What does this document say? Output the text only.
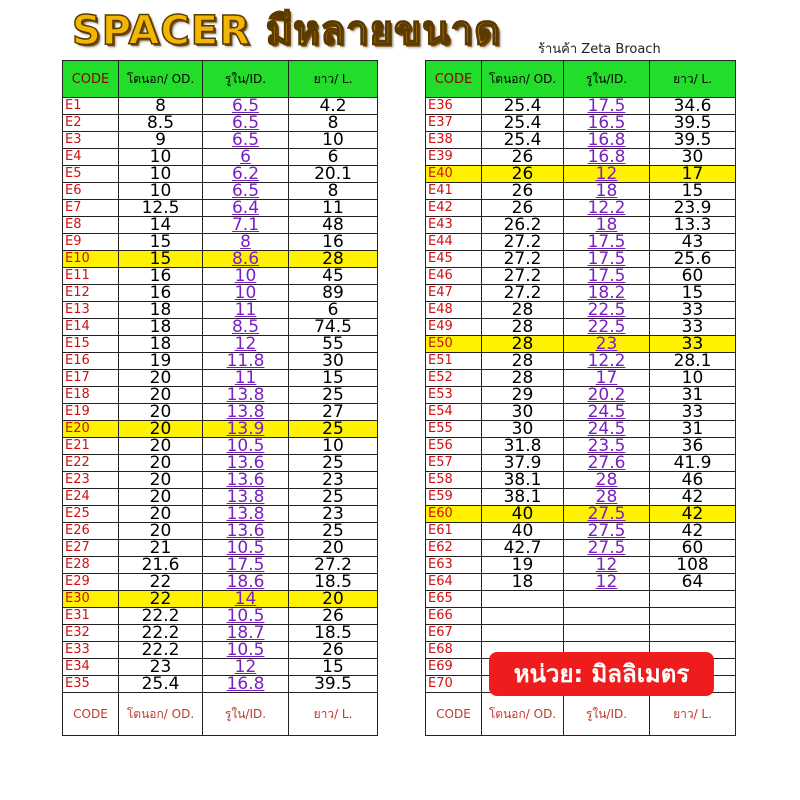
SPACER มีหลายขนาด	ร้านค้า Zeta Broach
CODE	โตนอก/ OD.	รูใน/ID.	ยาว/ L.
E1	8	6.5	4.2
E2	8.5	6.5	8
E3	9	6.5	10
E4	10	6	6
E5	10	6.2	20.1
E6	10	6.5	8
E7	12.5	6.4	11
E8	14	7.1	48
E9	15	8	16
E10	15	8.6	28
E11	16	10	45
E12	16	10	89
E13	18	11	6
E14	18	8.5	74.5
E15	18	12	55
E16	19	11.8	30
E17	20	11	15
E18	20	13.8	25
E19	20	13.8	27
E20	20	13.9	25
E21	20	10.5	10
E22	20	13.6	25
E23	20	13.6	23
E24	20	13.8	25
E25	20	13.8	23
E26	20	13.6	25
E27	21	10.5	20
E28	21.6	17.5	27.2
E29	22	18.6	18.5
E30	22	14	20
E31	22.2	10.5	26
E32	22.2	18.7	18.5
E33	22.2	10.5	26
E34	23	12	15
E35	25.4	16.8	39.5
CODE	โตนอก/ OD.	รูใน/ID.	ยาว/ L.
CODE	โตนอก/ OD.	รูใน/ID.	ยาว/ L.
E36	25.4	17.5	34.6
E37	25.4	16.5	39.5
E38	25.4	16.8	39.5
E39	26	16.8	30
E40	26	12	17
E41	26	18	15
E42	26	12.2	23.9
E43	26.2	18	13.3
E44	27.2	17.5	43
E45	27.2	17.5	25.6
E46	27.2	17.5	60
E47	27.2	18.2	15
E48	28	22.5	33
E49	28	22.5	33
E50	28	23	33
E51	28	12.2	28.1
E52	28	17	10
E53	29	20.2	31
E54	30	24.5	33
E55	30	24.5	31
E56	31.8	23.5	36
E57	37.9	27.6	41.9
E58	38.1	28	46
E59	38.1	28	42
E60	40	27.5	42
E61	40	27.5	42
E62	42.7	27.5	60
E63	19	12	108
E64	18	12	64
E65			
E66			
E67			
E68			
E69			
E70			
CODE	โตนอก/ OD.	รูใน/ID.	ยาว/ L.
หน่วย: มิลลิเมตร
